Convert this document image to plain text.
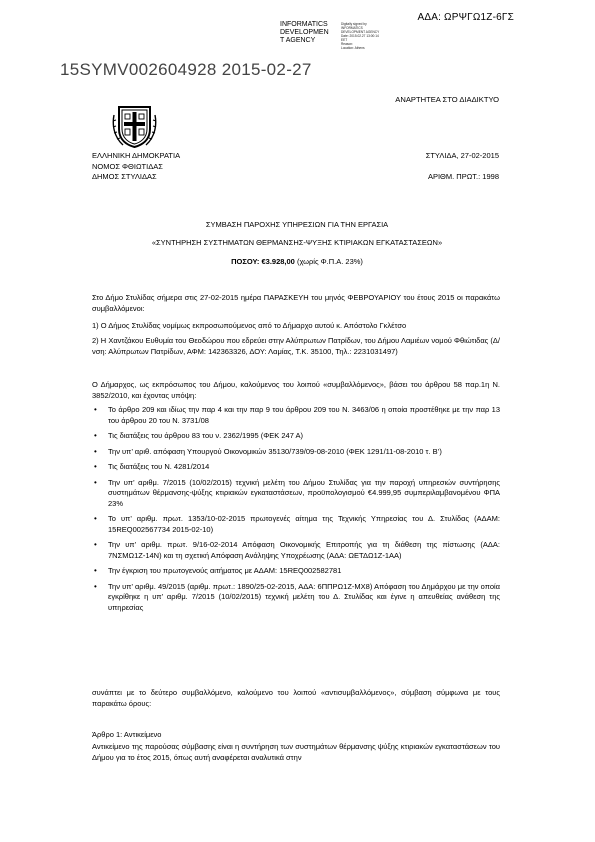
ΑΔΑ: ΩΡΨΓΩ1Ζ-6ΓΣ
INFORMATICS
DEVELOPMEN
T AGENCY
Digitally signed by
INFORMATICS
DEVELOPMENT AGENCY
Date: 2015.02.27 13:00:14
EET
Reason:
Location: Athens
15SYMV002604928 2015-02-27
ΑΝΑΡΤΗΤΕΑ ΣΤΟ ΔΙΑΔΙΚΤΥΟ
ΕΛΛΗΝΙΚΗ ΔΗΜΟΚΡΑΤΙΑ
ΝΟΜΟΣ ΦΘΙΩΤΙΔΑΣ
ΔΗΜΟΣ ΣΤΥΛΙΔΑΣ
ΣΤΥΛΙΔΑ, 27-02-2015
ΑΡΙΘΜ. ΠΡΩΤ.: 1998
ΣΥΜΒΑΣΗ ΠΑΡΟΧΗΣ ΥΠΗΡΕΣΙΩΝ ΓΙΑ ΤΗΝ ΕΡΓΑΣΙΑ
«ΣΥΝΤΗΡΗΣΗ ΣΥΣΤΗΜΑΤΩΝ ΘΕΡΜΑΝΣΗΣ-ΨΥΞΗΣ ΚΤΙΡΙΑΚΩΝ ΕΓΚΑΤΑΣΤΑΣΕΩΝ»
ΠΟΣΟΥ: €3.928,00 (χωρίς Φ.Π.Α. 23%)
Στο Δήμο Στυλίδας σήμερα στις 27-02-2015 ημέρα ΠΑΡΑΣΚΕΥΗ του μηνός ΦΕΒΡΟΥΑΡΙΟΥ του έτους 2015 οι παρακάτω συμβαλλόμενοι:
1) Ο Δήμος Στυλίδας νομίμως εκπροσωπούμενος από το Δήμαρχο αυτού κ. Απόστολο Γκλέτσο
2) Η Χαντζάκου Ευθυμία του Θεοδώρου που εδρεύει στην Αλύπρωτων Πατρίδων, του Δήμου Λαμιέων νομού Φθιώτιδας (Δ/νση: Αλύπρωτων Πατρίδων, ΑΦΜ: 142363326, ΔΟΥ: Λαμίας, Τ.Κ. 35100, Τηλ.: 2231031497)
Ο Δήμαρχος, ως εκπρόσωπος του Δήμου, καλούμενος του λοιπού «συμβαλλόμενος», βάσει του άρθρου 58 παρ.1η Ν. 3852/2010, και έχοντας υπόψη:
• Το άρθρο 209 και ιδίως την παρ 4 και την παρ 9 του άρθρου 209 του Ν. 3463/06 η οποία προστέθηκε με την παρ 13 του άρθρου 20 του Ν. 3731/08
• Τις διατάξεις του άρθρου 83 του ν. 2362/1995 (ΦΕΚ 247 Α)
• Την υπ’ αριθ. απόφαση Υπουργού Οικονομικών 35130/739/09-08-2010 (ΦΕΚ 1291/11-08-2010 τ. Β’)
• Τις διατάξεις του Ν. 4281/2014
• Την υπ’ αριθμ. 7/2015 (10/02/2015) τεχνική μελέτη του Δήμου Στυλίδας για την παροχή υπηρεσιών συντήρησης συστημάτων θέρμανσης-ψύξης κτιριακών εγκαταστάσεων, προϋπολογισμού €4.999,95 συμπεριλαμβανομένου ΦΠΑ 23%
• Το υπ’ αριθμ. πρωτ. 1353/10-02-2015 πρωτογενές αίτημα της Τεχνικής Υπηρεσίας του Δ. Στυλίδας (ΑΔΑΜ: 15REQ002567734 2015-02-10)
• Την υπ’ αριθμ. πρωτ. 9/16-02-2014 Απόφαση Οικονομικής Επιτροπής για τη διάθεση της πίστωσης (ΑΔΑ: 7ΝΣΜΩ1Ζ-14Ν) και τη σχετική Απόφαση Ανάληψης Υποχρέωσης (ΑΔΑ: ΩΕΤΔΩ1Ζ-1ΑΑ)
• Την έγκριση του πρωτογενούς αιτήματος με ΑΔΑΜ: 15REQ002582781
• Την υπ’ αριθμ. 49/2015 (αριθμ. πρωτ.: 1890/25-02-2015, ΑΔΑ: 6ΠΠΡΩ1Ζ-ΜΧ8) Απόφαση του Δημάρχου με την οποία εγκρίθηκε η υπ’ αριθμ. 7/2015 (10/02/2015) τεχνική μελέτη του Δ. Στυλίδας και έγινε η απευθείας ανάθεση της υπηρεσίας
συνάπτει με το δεύτερο συμβαλλόμενο, καλούμενο του λοιπού «αντισυμβαλλόμενος», σύμβαση σύμφωνα με τους παρακάτω όρους:
Άρθρο 1: Αντικείμενο
Αντικείμενο της παρούσας σύμβασης είναι η συντήρηση των συστημάτων θέρμανσης ψύξης κτιριακών εγκαταστάσεων του Δήμου για το έτος 2015, όπως αυτή αναφέρεται αναλυτικά στην
